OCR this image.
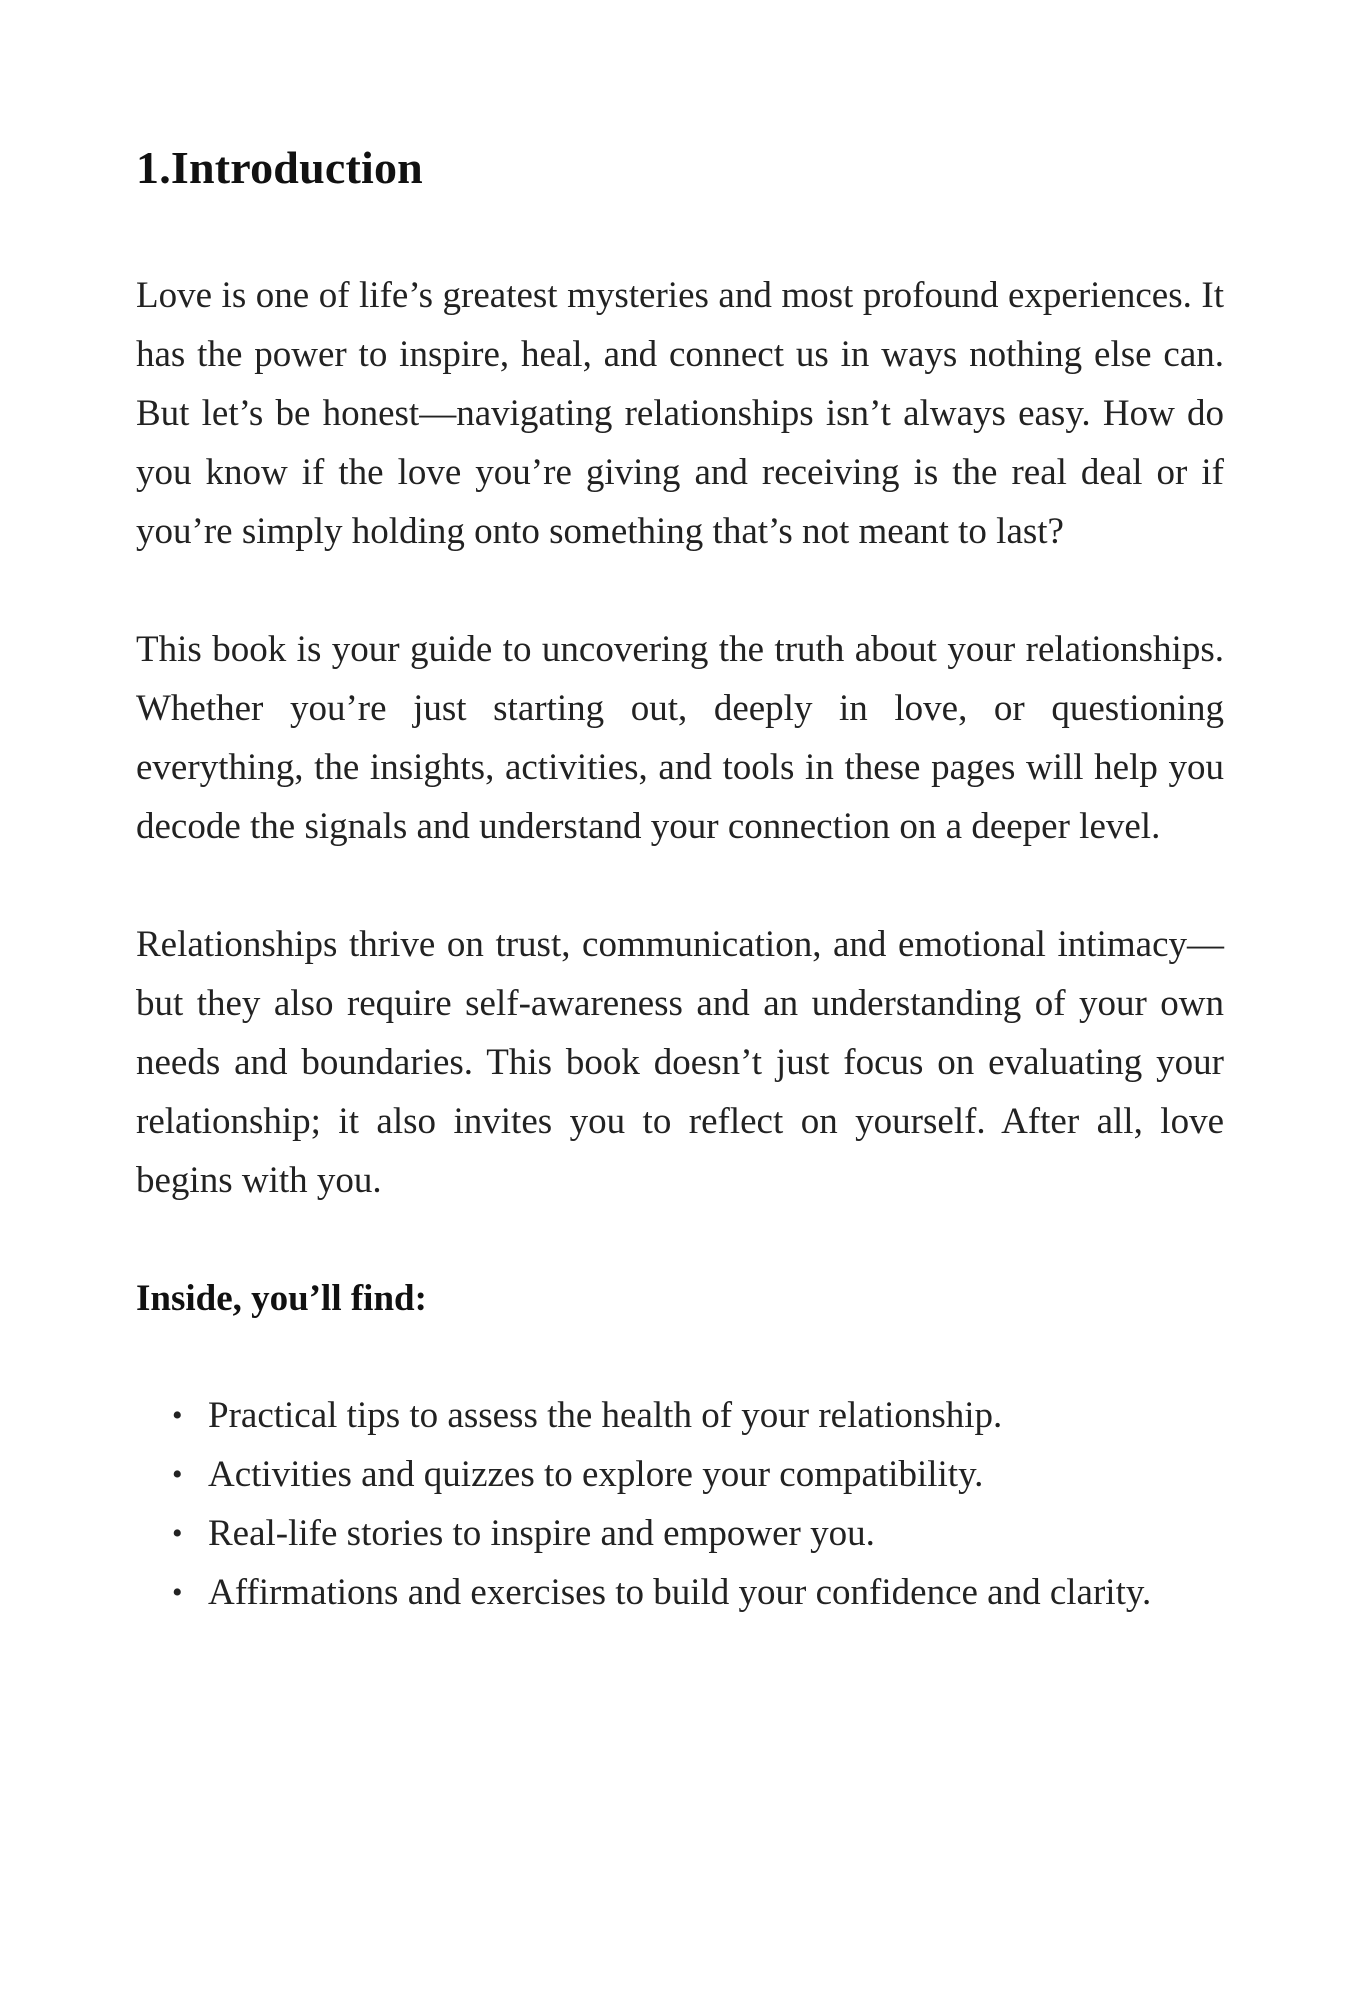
1.Introduction

Love is one of life’s greatest mysteries and most profound experiences. It has the power to inspire, heal, and connect us in ways nothing else can. But let’s be honest—navigating relationships isn’t always easy. How do you know if the love you’re giving and receiving is the real deal or if you’re simply holding onto something that’s not meant to last?

This book is your guide to uncovering the truth about your relationships. Whether you’re just starting out, deeply in love, or questioning everything, the insights, activities, and tools in these pages will help you decode the signals and understand your connection on a deeper level.

Relationships thrive on trust, communication, and emotional intimacy—but they also require self-awareness and an understanding of your own needs and boundaries. This book doesn’t just focus on evaluating your relationship; it also invites you to reflect on yourself. After all, love begins with you.

Inside, you’ll find:

• Practical tips to assess the health of your relationship.
• Activities and quizzes to explore your compatibility.
• Real-life stories to inspire and empower you.
• Affirmations and exercises to build your confidence and clarity.
